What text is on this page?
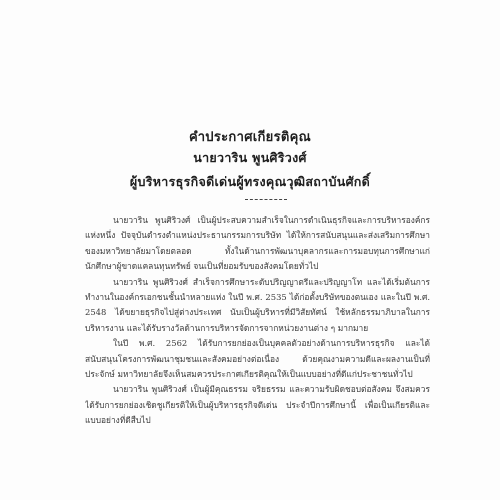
คำประกาศเกียรติคุณ
นายวาริน พูนศิริวงศ์
ผู้บริหารธุรกิจดีเด่นผู้ทรงคุณวุฒิสถาบันศักดิ์

นายวาริน พูนศิริวงศ์ เป็นผู้ประสบความสำเร็จในการดำเนินธุรกิจและการบริหารองค์กรแห่งหนึ่ง ปัจจุบันดำรงตำแหน่งประธานกรรมการบริษัท ได้ให้การสนับสนุนและส่งเสริมการศึกษาของมหาวิทยาลัยมาโดยตลอด ทั้งในด้านการพัฒนาบุคลากรและการมอบทุนการศึกษาแก่นักศึกษาผู้ขาดแคลนทุนทรัพย์ จนเป็นที่ยอมรับของสังคมโดยทั่วไป

นายวาริน พูนศิริวงศ์ สำเร็จการศึกษาระดับปริญญาตรีและปริญญาโท และได้เริ่มต้นการทำงานในองค์กรเอกชนชั้นนำหลายแห่ง ในปี พ.ศ. 2535 ได้ก่อตั้งบริษัทของตนเอง และในปี พ.ศ. 2548 ได้ขยายธุรกิจไปสู่ต่างประเทศ นับเป็นผู้บริหารที่มีวิสัยทัศน์ ใช้หลักธรรมาภิบาลในการบริหารงาน และได้รับรางวัลด้านการบริหารจัดการจากหน่วยงานต่าง ๆ มากมาย

ในปี พ.ศ. 2562 ได้รับการยกย่องเป็นบุคคลตัวอย่างด้านการบริหารธุรกิจ และได้สนับสนุนโครงการพัฒนาชุมชนและสังคมอย่างต่อเนื่อง ด้วยคุณงามความดีและผลงานเป็นที่ประจักษ์ มหาวิทยาลัยจึงเห็นสมควรประกาศเกียรติคุณให้เป็นแบบอย่างที่ดีแก่ประชาชนทั่วไป

นายวาริน พูนศิริวงศ์ เป็นผู้มีคุณธรรม จริยธรรม และความรับผิดชอบต่อสังคม จึงสมควรได้รับการยกย่องเชิดชูเกียรติให้เป็นผู้บริหารธุรกิจดีเด่น ประจำปีการศึกษานี้ เพื่อเป็นเกียรติและแบบอย่างที่ดีสืบไป
